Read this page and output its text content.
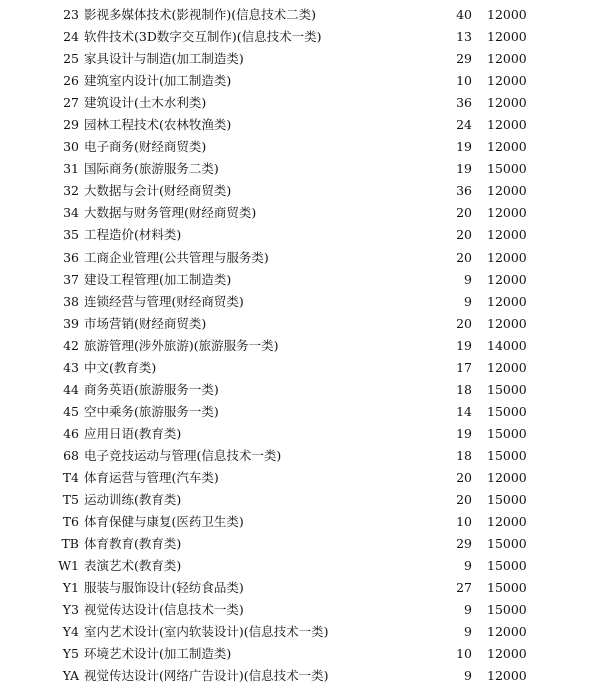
23 影视多媒体技术(影视制作)(信息技术二类)	40 12000
24 软件技术(3D数字交互制作)(信息技术一类)	13 12000
25 家具设计与制造(加工制造类)	29 12000
26 建筑室内设计(加工制造类)	10 12000
27 建筑设计(土木水利类)	36 12000
29 园林工程技术(农林牧渔类)	24 12000
30 电子商务(财经商贸类)	19 12000
31 国际商务(旅游服务二类)	19 15000
32 大数据与会计(财经商贸类)	36 12000
34 大数据与财务管理(财经商贸类)	20 12000
35 工程造价(材料类)	20 12000
36 工商企业管理(公共管理与服务类)	20 12000
37 建设工程管理(加工制造类)	9 12000
38 连锁经营与管理(财经商贸类)	9 12000
39 市场营销(财经商贸类)	20 12000
42 旅游管理(涉外旅游)(旅游服务一类)	19 14000
43 中文(教育类)	17 12000
44 商务英语(旅游服务一类)	18 15000
45 空中乘务(旅游服务一类)	14 15000
46 应用日语(教育类)	19 15000
68 电子竞技运动与管理(信息技术一类)	18 15000
T4 体育运营与管理(汽车类)	20 12000
T5 运动训练(教育类)	20 15000
T6 体育保健与康复(医药卫生类)	10 12000
TB 体育教育(教育类)	29 15000
W1 表演艺术(教育类)	9 15000
Y1 服装与服饰设计(轻纺食品类)	27 15000
Y3 视觉传达设计(信息技术一类)	9 15000
Y4 室内艺术设计(室内软装设计)(信息技术一类)	9 12000
Y5 环境艺术设计(加工制造类)	10 12000
YA 视觉传达设计(网络广告设计)(信息技术一类)	9 12000
